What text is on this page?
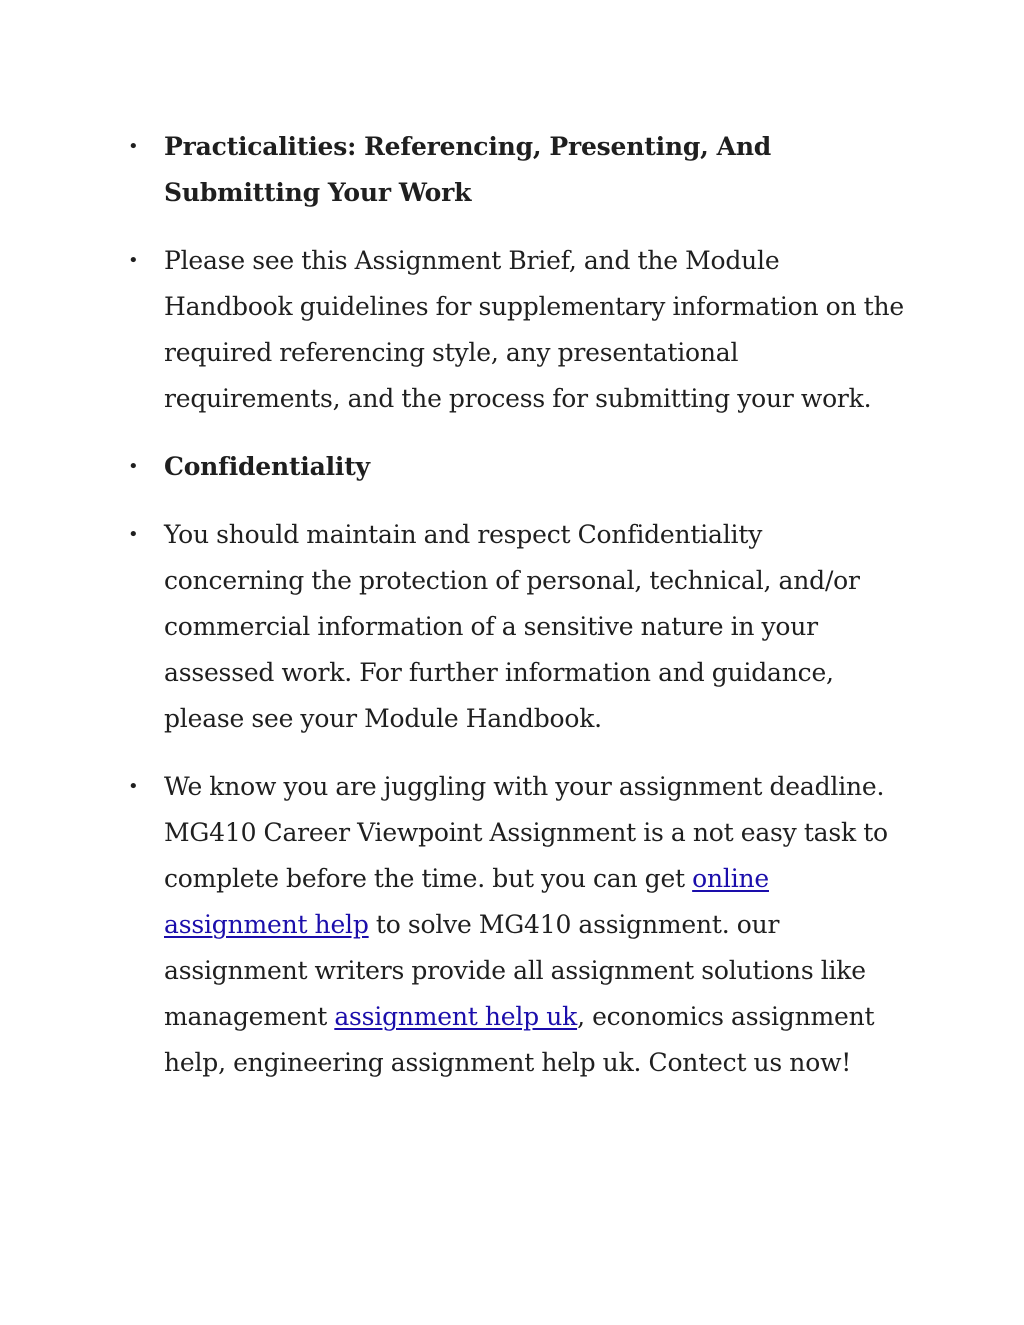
• Practicalities: Referencing, Presenting, And Submitting Your Work
• Please see this Assignment Brief, and the Module Handbook guidelines for supplementary information on the required referencing style, any presentational requirements, and the process for submitting your work.
• Confidentiality
• You should maintain and respect Confidentiality concerning the protection of personal, technical, and/or commercial information of a sensitive nature in your assessed work. For further information and guidance, please see your Module Handbook.
• We know you are juggling with your assignment deadline. MG410 Career Viewpoint Assignment is a not easy task to complete before the time. but you can get online assignment help to solve MG410 assignment. our assignment writers provide all assignment solutions like management assignment help uk, economics assignment help, engineering assignment help uk. Contect us now!
